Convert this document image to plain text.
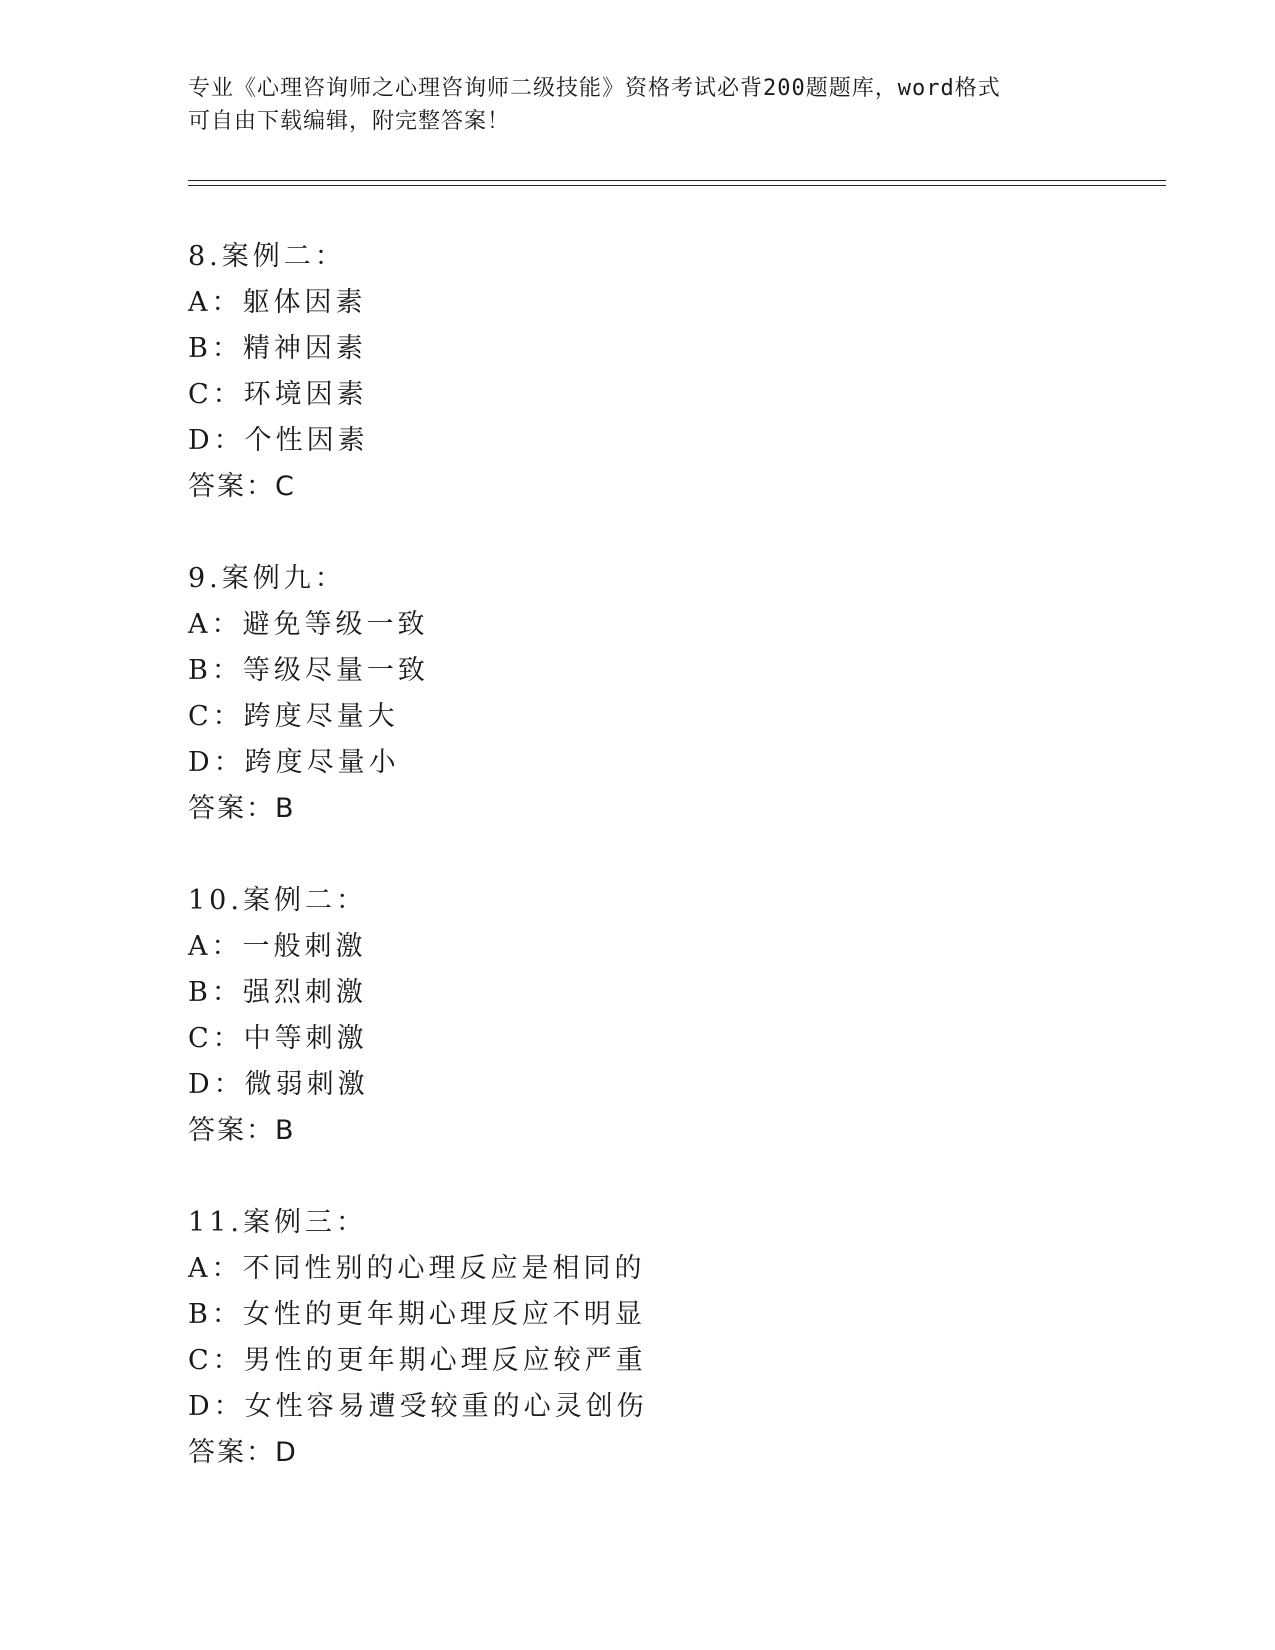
专业《心理咨询师之心理咨询师二级技能》资格考试必背200题题库，word格式
可自由下载编辑，附完整答案！
8.案例二：
A：躯体因素
B：精神因素
C：环境因素
D：个性因素
答案：C
9.案例九：
A：避免等级一致
B：等级尽量一致
C：跨度尽量大
D：跨度尽量小
答案：B
10.案例二：
A：一般刺激
B：强烈刺激
C：中等刺激
D：微弱刺激
答案：B
11.案例三：
A：不同性别的心理反应是相同的
B：女性的更年期心理反应不明显
C：男性的更年期心理反应较严重
D：女性容易遭受较重的心灵创伤
答案：D
